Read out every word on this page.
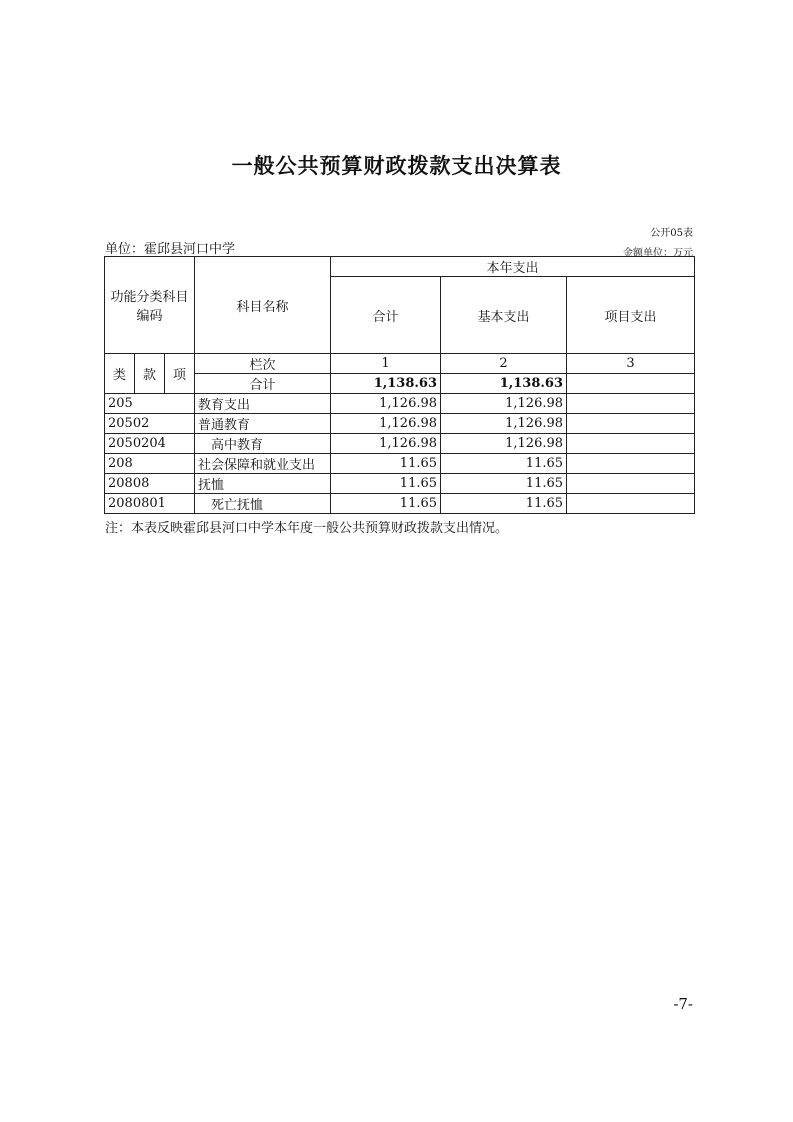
一般公共预算财政拨款支出决算表
公开05表
单位：霍邱县河口中学	金额单位：万元
功能分类科目编码			科目名称	本年支出		
				合计	基本支出	项目支出
类	款	项	栏次	1	2	3
			合计	1,138.63	1,138.63	
205			教育支出	1,126.98	1,126.98	
20502			普通教育	1,126.98	1,126.98	
2050204			高中教育	1,126.98	1,126.98	
208			社会保障和就业支出	11.65	11.65	
20808			抚恤	11.65	11.65	
2080801			死亡抚恤	11.65	11.65	
注：本表反映霍邱县河口中学本年度一般公共预算财政拨款支出情况。
-7-
